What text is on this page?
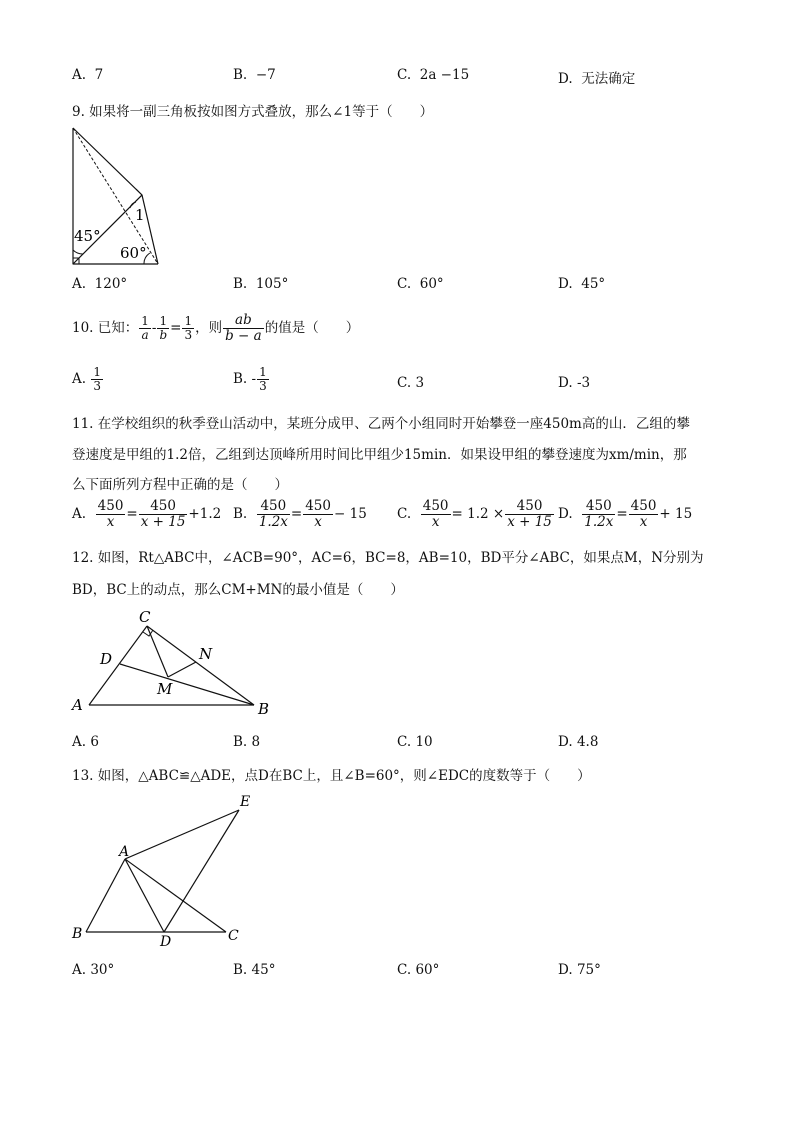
A. 7	B. −7	C. 2a −15	D. 无法确定
9. 如果将一副三角板按如图方式叠放，那么∠1等于（　　）
45°
60°
1
A. 120°	B. 105°	C. 60°	D. 45°
10. 已知： $\frac{1}{a} - \frac{1}{b} = \frac{1}{3}$ ，则 $\frac{ab}{b - a}$ 的值是（　　）
A. $\frac{1}{3}$	B. - $\frac{1}{3}$	C. 3	D. -3
11. 在学校组织的秋季登山活动中，某班分成甲、乙两个小组同时开始攀登一座450m高的山．乙组的攀
登速度是甲组的1.2倍，乙组到达顶峰所用时间比甲组少15min．如果设甲组的攀登速度为xm/min，那
么下面所列方程中正确的是（　　）
A. $\frac{450}{x} = \frac{450}{x + 15} +1.2$ B. $\frac{450}{1.2x} = \frac{450}{x} - 15$ C. $\frac{450}{x} = 1.2 \times \frac{450}{x + 15} D$. $\frac{450}{1.2x} = \frac{450}{x} + 15$
12. 如图，Rt△ABC中，∠ACB=90°，AC=6，BC=8，AB=10，BD平分∠ABC，如果点M，N分别为
BD，BC上的动点，那么CM+MN的最小值是（　　）
C
D	N
M
A	B
A. 6	B. 8	C. 10	D. 4.8
13. 如图，△ABC≌△ADE，点D在BC上，且∠B=60°，则∠EDC的度数等于（　　）
E
A
B	D	C
A. 30°	B. 45°	C. 60°	D. 75°
